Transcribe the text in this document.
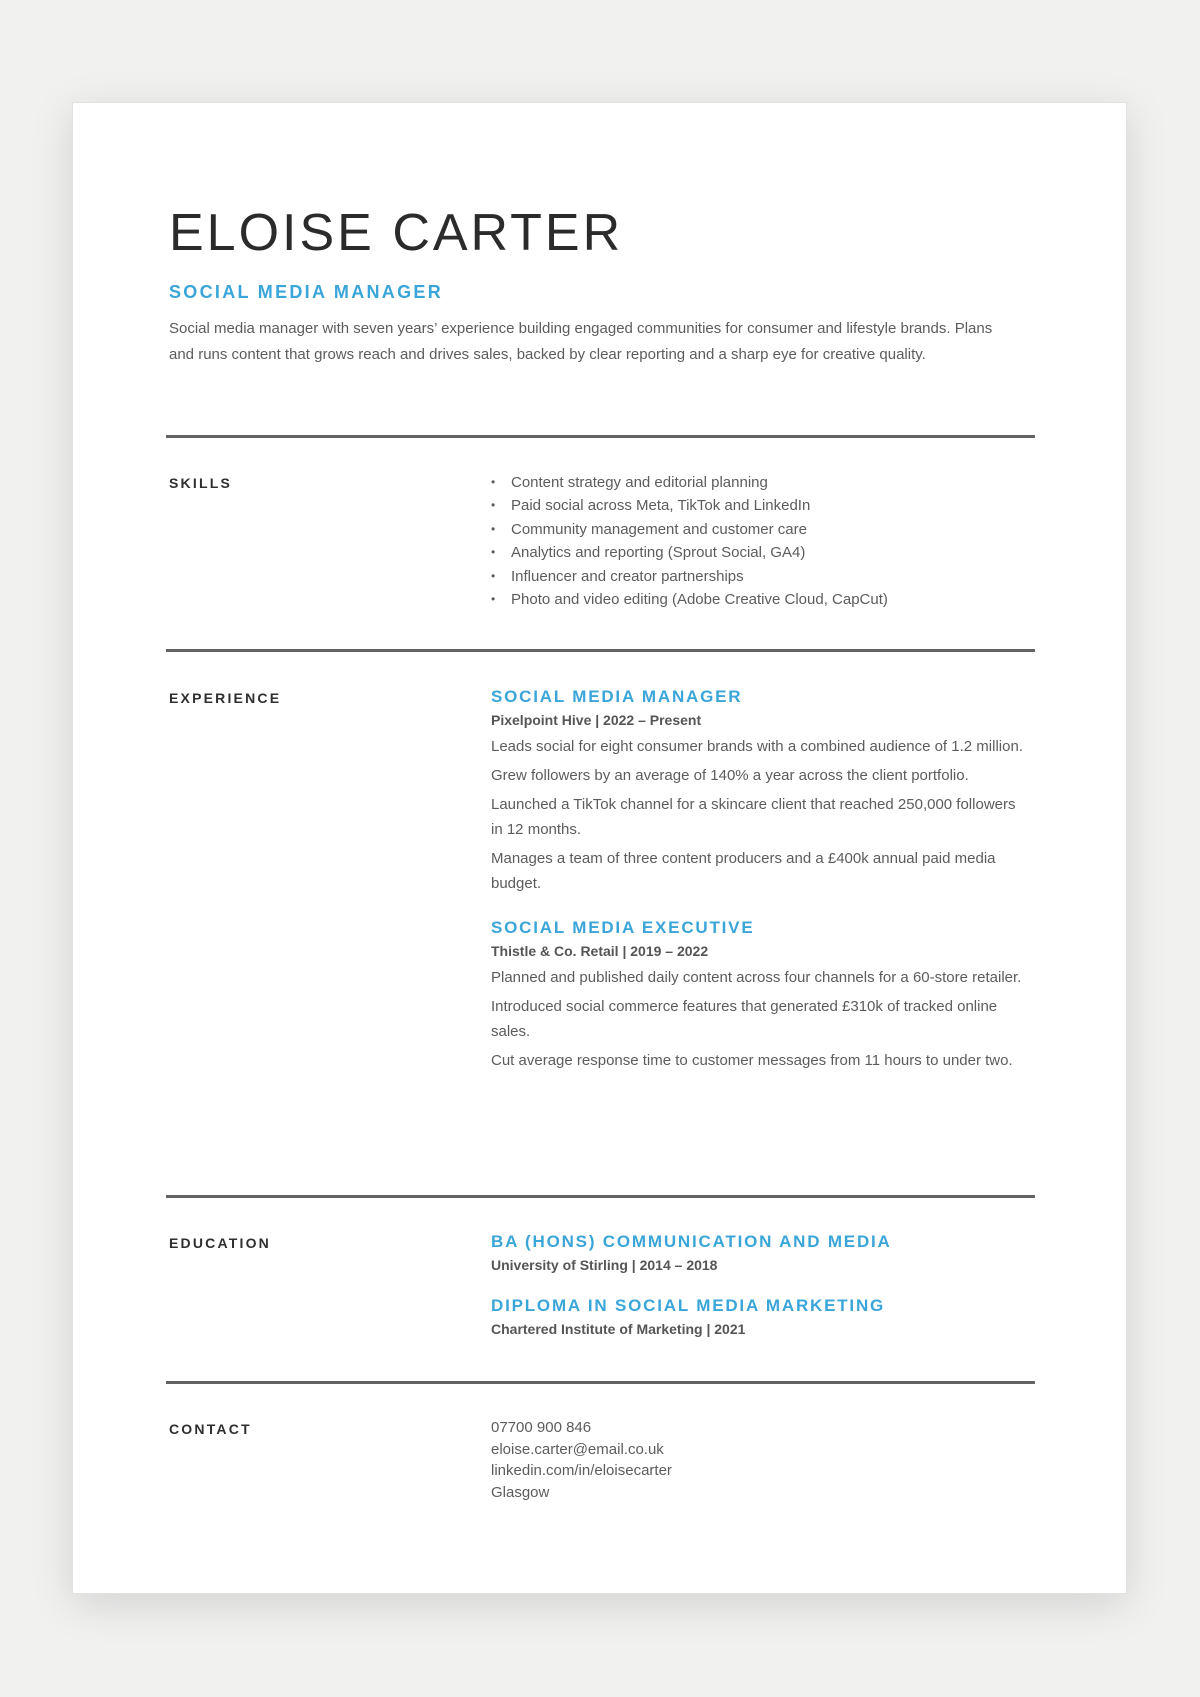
ELOISE CARTER
SOCIAL MEDIA MANAGER

Social media manager with seven years’ experience building engaged communities for consumer and lifestyle brands. Plans and runs content that grows reach and drives sales, backed by clear reporting and a sharp eye for creative quality.

SKILLS
•	Content strategy and editorial planning
• Paid social across Meta, TikTok and LinkedIn
• Community management and customer care
• Analytics and reporting (Sprout Social, GA4)
• Influencer and creator partnerships
• Photo and video editing (Adobe Creative Cloud, CapCut)
EXPERIENCE	SOCIAL MEDIA MANAGER
Pixelpoint Hive | 2022 – Present

Leads social for eight consumer brands with a combined audience of 1.2 million.

Grew followers by an average of 140% a year across the client portfolio.

Launched a TikTok channel for a skincare client that reached 250,000 followers in 12 months.

Manages a team of three content producers and a £400k annual paid media budget.

SOCIAL MEDIA EXECUTIVE
Thistle & Co. Retail | 2019 – 2022

Planned and published daily content across four channels for a 60-store retailer.

Introduced social commerce features that generated £310k of tracked online sales.

Cut average response time to customer messages from 11 hours to under two.

EDUCATION	BA (HONS) COMMUNICATION AND MEDIA
University of Stirling | 2014 – 2018
DIPLOMA IN SOCIAL MEDIA MARKETING
Chartered Institute of Marketing | 2021
CONTACT	07700 900 846
eloise.carter@email.co.uk
linkedin.com/in/eloisecarter
Glasgow
